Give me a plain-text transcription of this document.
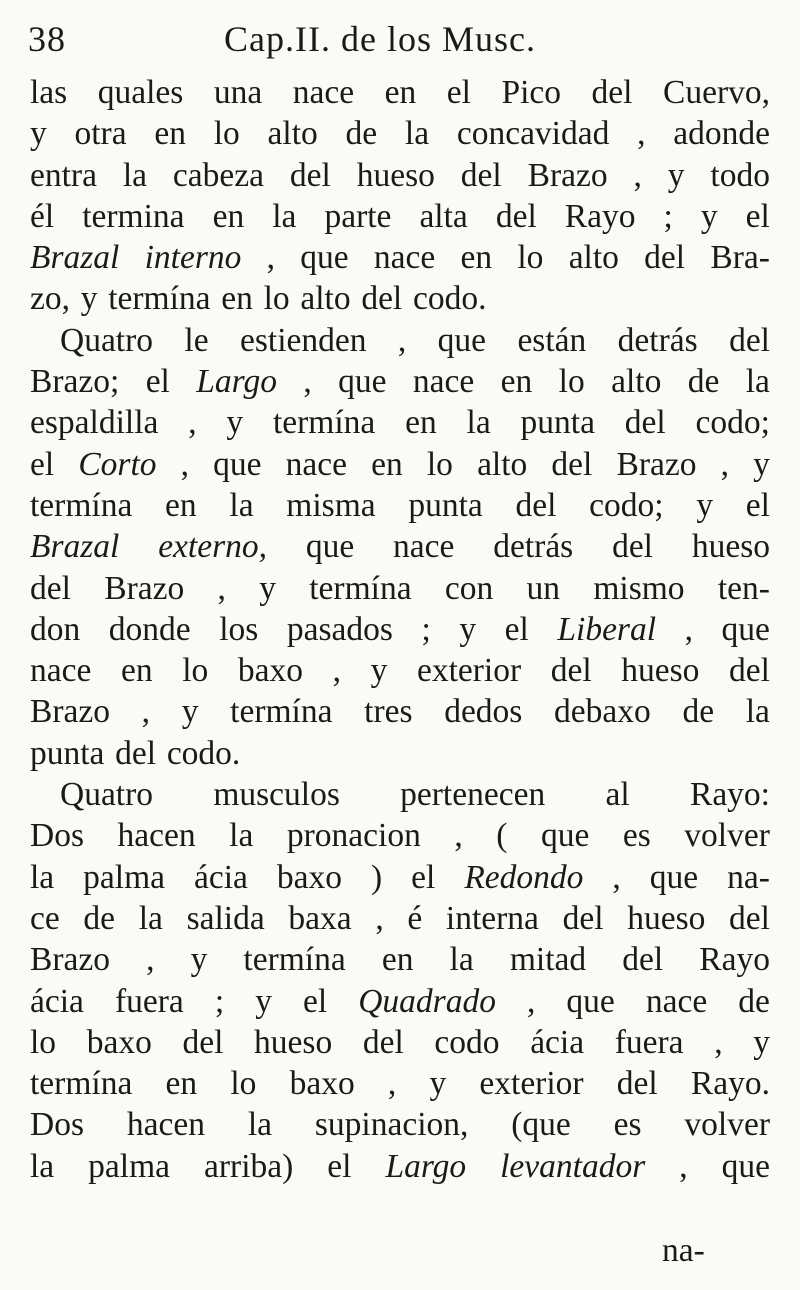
38	Cap.II. de los Musc.
las quales una nace en el Pico del Cuervo,
y otra en lo alto de la concavidad , adonde
entra la cabeza del hueso del Brazo , y todo
él termina en la parte alta del Rayo ; y el
Brazal interno , que nace en lo alto del Bra-
zo, y termína en lo alto del codo.
Quatro le estienden , que están detrás del
Brazo; el Largo , que nace en lo alto de la
espaldilla , y termína en la punta del codo;
el Corto , que nace en lo alto del Brazo , y
termína en la misma punta del codo; y el
Brazal externo, que nace detrás del hueso
del Brazo , y termína con un mismo ten-
don donde los pasados ; y el Liberal , que
nace en lo baxo , y exterior del hueso del
Brazo , y termína tres dedos debaxo de la
punta del codo.
Quatro musculos pertenecen al Rayo:
Dos hacen la pronacion , ( que es volver
la palma ácia baxo ) el Redondo , que na-
ce de la salida baxa , é interna del hueso del
Brazo , y termína en la mitad del Rayo
ácia fuera ; y el Quadrado , que nace de
lo baxo del hueso del codo ácia fuera , y
termína en lo baxo , y exterior del Rayo.
Dos hacen la supinacion, (que es volver
la palma arriba) el Largo levantador , que
na-
